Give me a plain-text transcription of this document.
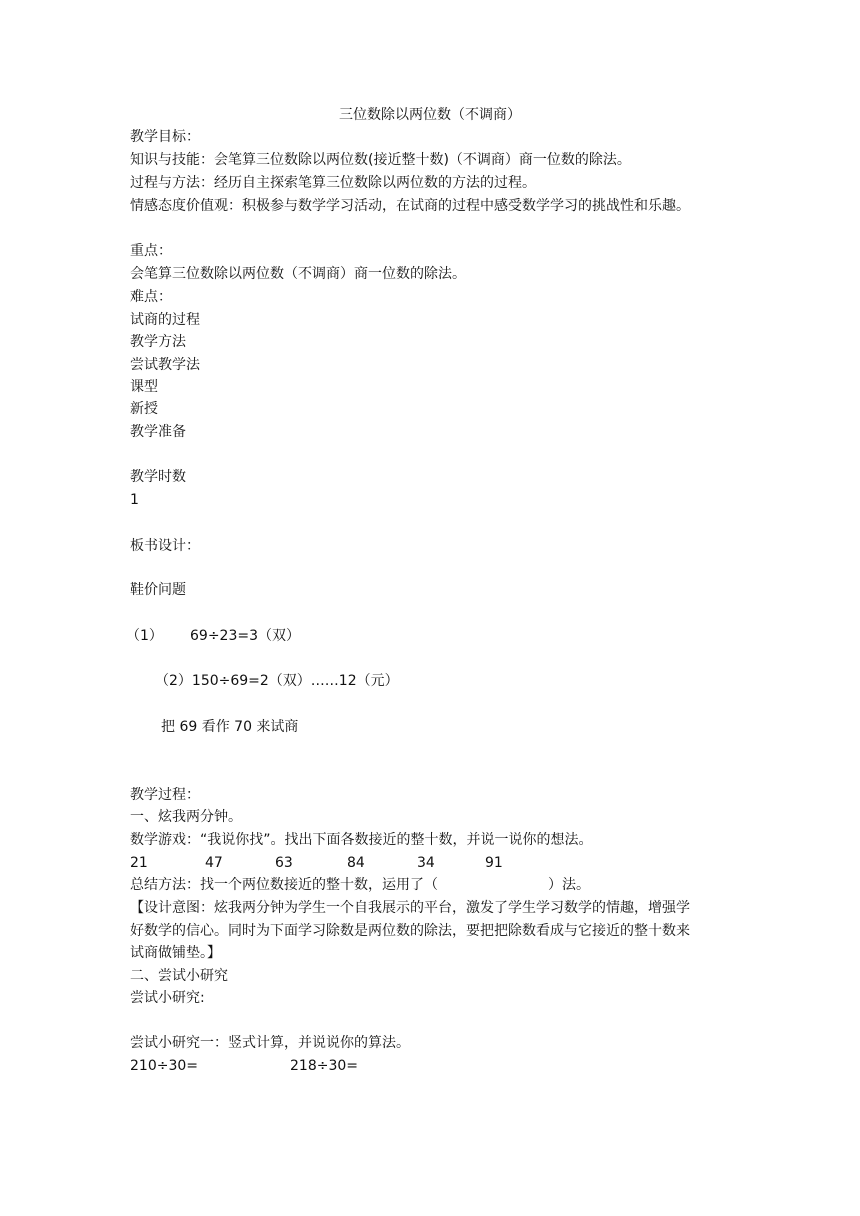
三位数除以两位数（不调商）
教学目标：
知识与技能：会笔算三位数除以两位数(接近整十数)（不调商）商一位数的除法。
过程与方法：经历自主探索笔算三位数除以两位数的方法的过程。
情感态度价值观：积极参与数学学习活动，在试商的过程中感受数学学习的挑战性和乐趣。
重点：
会笔算三位数除以两位数（不调商）商一位数的除法。
难点：
试商的过程
教学方法
尝试教学法
课型
新授
教学准备
教学时数
1
板书设计：
鞋价问题
（1） 69÷23=3（双）
（2）150÷69=2（双）……12（元）
把 69 看作 70 来试商
教学过程：
一、炫我两分钟。
数学游戏：“我说你找”。找出下面各数接近的整十数，并说一说你的想法。
21	47	63	84	34	91
总结方法：找一个两位数接近的整十数，运用了（	）法。
【设计意图：炫我两分钟为学生一个自我展示的平台，激发了学生学习数学的情趣，增强学
好数学的信心。同时为下面学习除数是两位数的除法，要把把除数看成与它接近的整十数来
试商做铺垫。】
二、尝试小研究
尝试小研究:
尝试小研究一：竖式计算，并说说你的算法。
210÷30=	218÷30=
